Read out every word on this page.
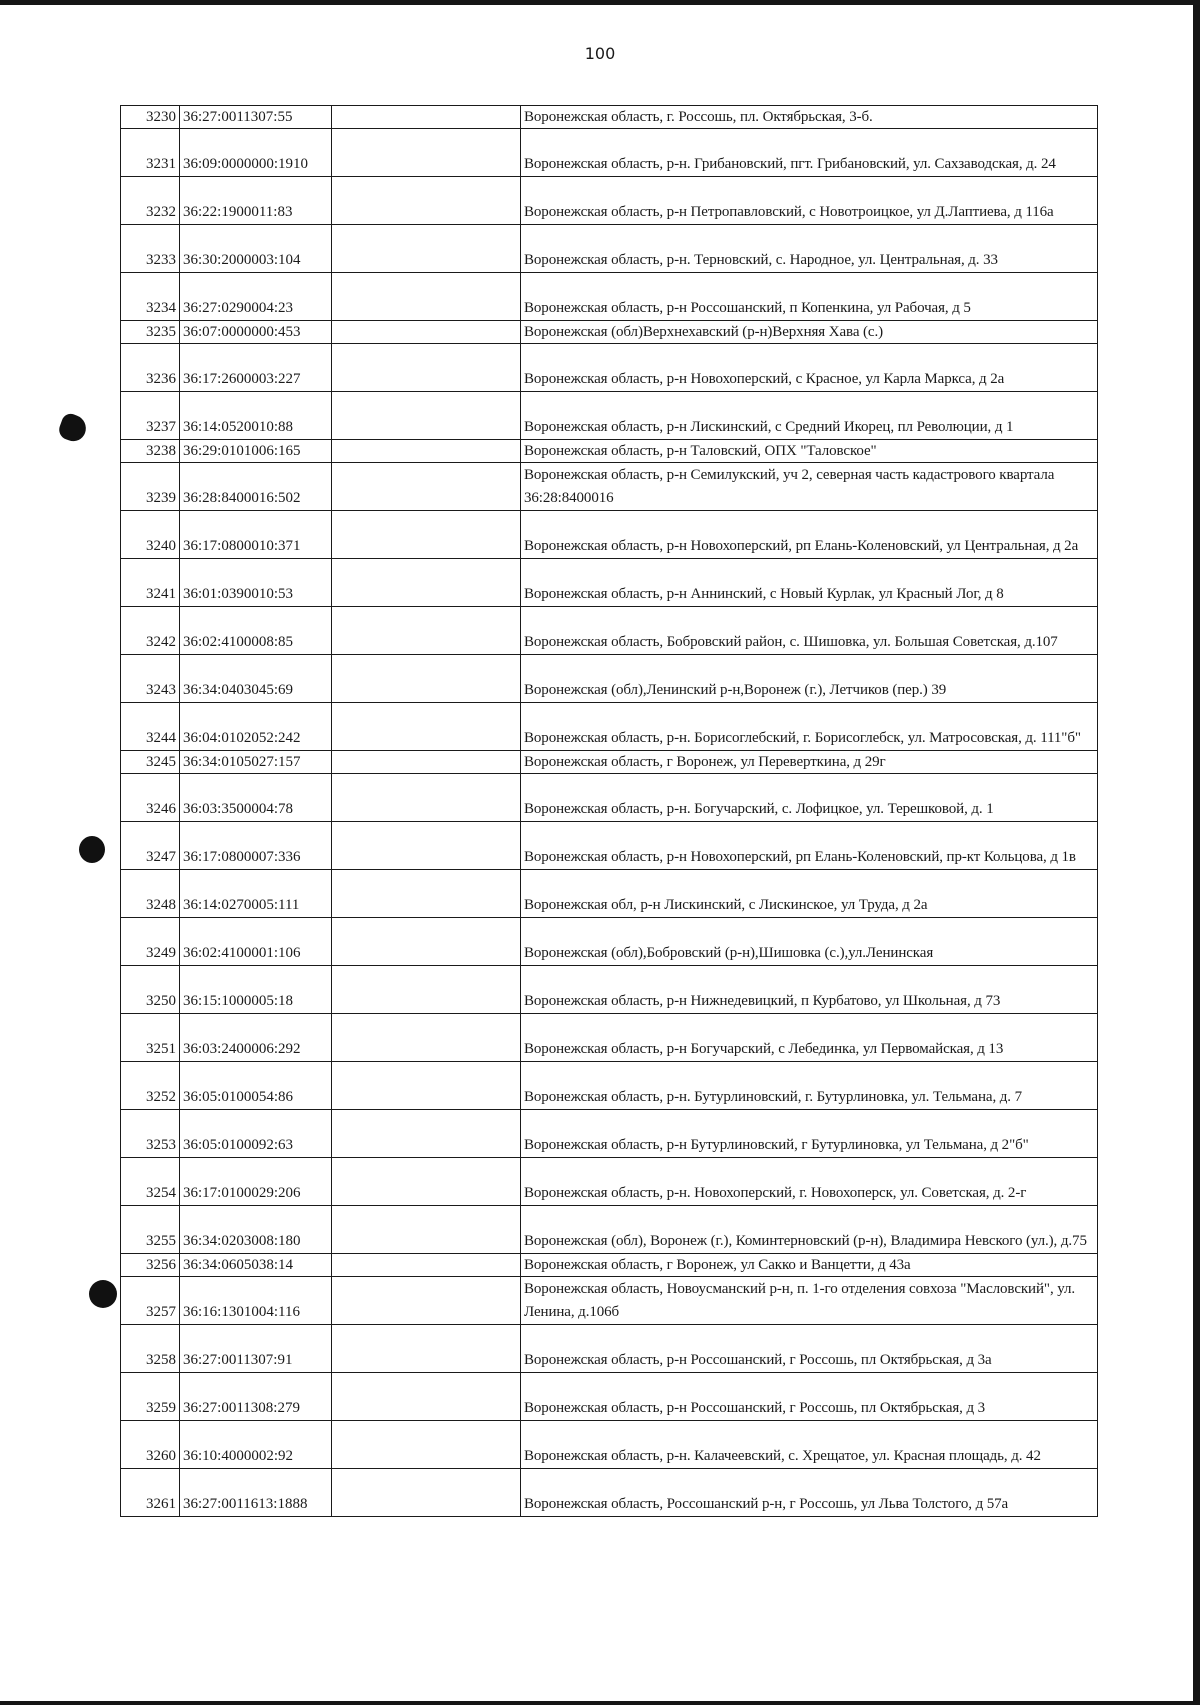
100
3230	36:27:0011307:55		Воронежская область, г. Россошь, пл. Октябрьская, 3-б.
3231	36:09:0000000:1910		Воронежская область, р-н. Грибановский, пгт. Грибановский, ул. Сахзаводская, д. 24
3232	36:22:1900011:83		Воронежская область, р-н Петропавловский, с Новотроицкое, ул Д.Лаптиева, д 116а
3233	36:30:2000003:104		Воронежская область, р-н. Терновский, с. Народное, ул. Центральная, д. 33
3234	36:27:0290004:23		Воронежская область, р-н Россошанский, п Копенкина, ул Рабочая, д 5
3235	36:07:0000000:453		Воронежская (обл)Верхнехавский (р-н)Верхняя Хава (с.)
3236	36:17:2600003:227		Воронежская область, р-н Новохоперский, с Красное, ул Карла Маркса, д 2а
3237	36:14:0520010:88		Воронежская область, р-н Лискинский, с Средний Икорец, пл Революции, д 1
3238	36:29:0101006:165		Воронежская область, р-н Таловский, ОПХ "Таловское"
3239	36:28:8400016:502		Воронежская область, р-н Семилукский, уч 2, северная часть кадастрового квартала 36:28:8400016
3240	36:17:0800010:371		Воронежская область, р-н Новохоперский, рп Елань-Коленовский, ул Центральная, д 2а
3241	36:01:0390010:53		Воронежская область, р-н Аннинский, с Новый Курлак, ул Красный Лог, д 8
3242	36:02:4100008:85		Воронежская область, Бобровский район, с. Шишовка, ул. Большая Советская, д.107
3243	36:34:0403045:69		Воронежская (обл),Ленинский р-н,Воронеж (г.), Летчиков (пер.) 39
3244	36:04:0102052:242		Воронежская область, р-н. Борисоглебский, г. Борисоглебск, ул. Матросовская, д. 111"б"
3245	36:34:0105027:157		Воронежская область, г Воронеж, ул Переверткина, д 29г
3246	36:03:3500004:78		Воронежская область, р-н. Богучарский, с. Лофицкое, ул. Терешковой, д. 1
3247	36:17:0800007:336		Воронежская область, р-н Новохоперский, рп Елань-Коленовский, пр-кт Кольцова, д 1в
3248	36:14:0270005:111		Воронежская обл, р-н Лискинский, с Лискинское, ул Труда, д 2а
3249	36:02:4100001:106		Воронежская (обл),Бобровский (р-н),Шишовка (с.),ул.Ленинская
3250	36:15:1000005:18		Воронежская область, р-н Нижнедевицкий, п Курбатово, ул Школьная, д 73
3251	36:03:2400006:292		Воронежская область, р-н Богучарский, с Лебединка, ул Первомайская, д 13
3252	36:05:0100054:86		Воронежская область, р-н. Бутурлиновский, г. Бутурлиновка, ул. Тельмана, д. 7
3253	36:05:0100092:63		Воронежская область, р-н Бутурлиновский, г Бутурлиновка, ул Тельмана, д 2"б"
3254	36:17:0100029:206		Воронежская область, р-н. Новохоперский, г. Новохоперск, ул. Советская, д. 2-г
3255	36:34:0203008:180		Воронежская (обл), Воронеж (г.), Коминтерновский (р-н), Владимира Невского (ул.), д.75
3256	36:34:0605038:14		Воронежская область, г Воронеж, ул Сакко и Ванцетти, д 43а
3257	36:16:1301004:116		Воронежская область, Новоусманский р-н, п. 1-го отделения совхоза "Масловский", ул. Ленина, д.106б
3258	36:27:0011307:91		Воронежская область, р-н Россошанский, г Россошь, пл Октябрьская, д 3а
3259	36:27:0011308:279		Воронежская область, р-н Россошанский, г Россошь, пл Октябрьская, д 3
3260	36:10:4000002:92		Воронежская область, р-н. Калачеевский, с. Хрещатое, ул. Красная площадь, д. 42
3261	36:27:0011613:1888		Воронежская область, Россошанский р-н, г Россошь, ул Льва Толстого, д 57а
